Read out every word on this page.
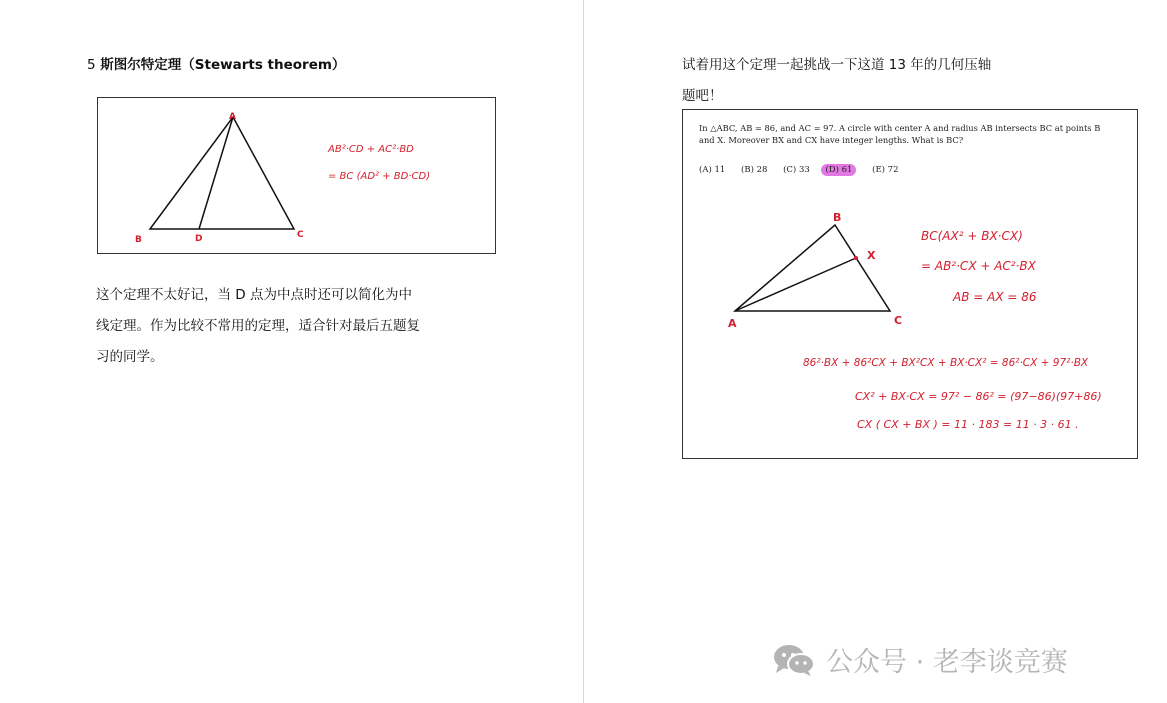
5 斯图尔特定理（Stewarts theorem）
A
B	D	C
AB²·CD + AC²·BD
= BC (AD² + BD·CD)

这个定理不太好记，当 D 点为中点时还可以简化为中

线定理。作为比较不常用的定理，适合针对最后五题复

习的同学。

试着用这个定理一起挑战一下这道 13 年的几何压轴

题吧！

In △ABC, AB = 86, and AC = 97. A circle with center A and radius AB intersects BC at points B
and X. Moreover BX and CX have integer lengths. What is BC?
(A) 11 (B) 28 (C) 33 (D) 61 (E) 72
B
X
A	C
BC(AX² + BX·CX)
= AB²·CX + AC²·BX
AB = AX = 86
86²·BX + 86²CX + BX²CX + BX·CX² = 86²·CX + 97²·BX
CX² + BX·CX = 97² − 86² = (97−86)(97+86)
CX ( CX + BX ) = 11 · 183 = 11 · 3 · 61 .
公众号 · 老李谈竞赛
